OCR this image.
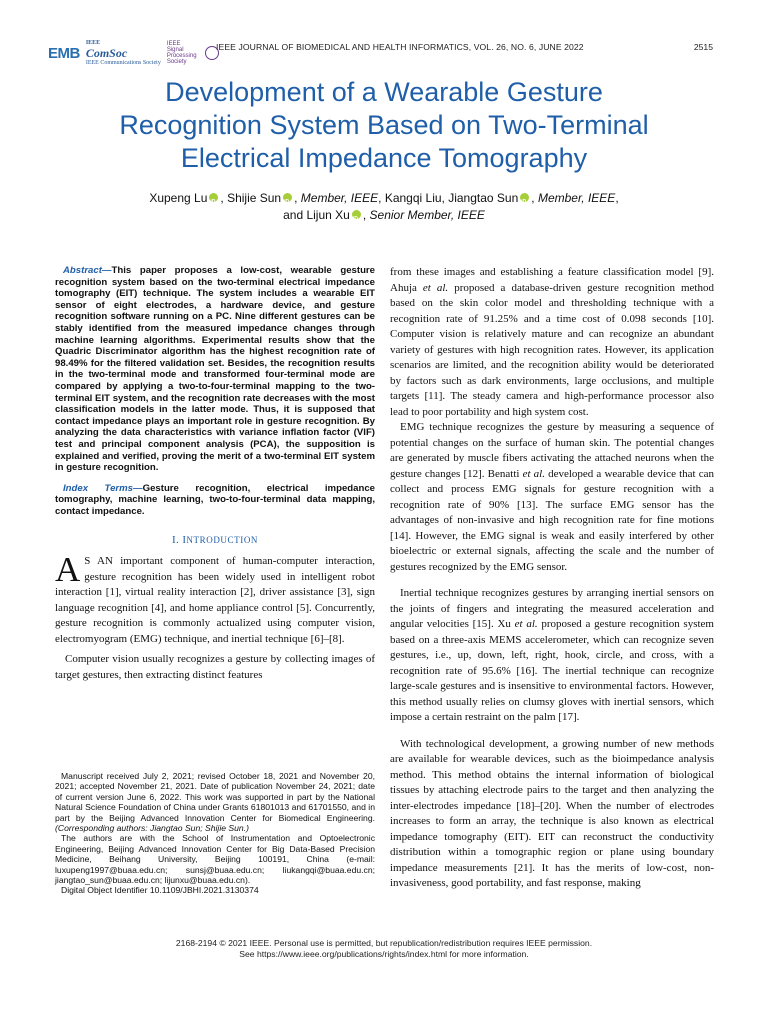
EMB
IEEE
ComSoc
IEEE Communications Society
IEEE
Signal
Processing
Society
IEEE JOURNAL OF BIOMEDICAL AND HEALTH INFORMATICS, VOL. 26, NO. 6, JUNE 2022	2515
Development of a Wearable Gesture
Recognition System Based on Two-Terminal
Electrical Impedance Tomography
Xupeng Lu iD , Shijie Sun iD , Member, IEEE, Kangqi Liu, Jiangtao Sun iD , Member, IEEE,
and Lijun Xu iD , Senior Member, IEEE
Abstract—This paper proposes a low-cost, wearable gesture recognition system based on the two-terminal electrical impedance tomography (EIT) technique. The system includes a wearable EIT sensor of eight electrodes, a hardware device, and gesture recognition software running on a PC. Nine different gestures can be stably identified from the measured impedance changes through machine learning algorithms. Experimental results show that the Quadric Discriminator algorithm has the highest recognition rate of 98.49% for the filtered validation set. Besides, the recognition results in the two-terminal mode and transformed four-terminal mode are compared by applying a two-to-four-terminal mapping to the two-terminal EIT system, and the recognition rate decreases with the most classification models in the latter mode. Thus, it is supposed that contact impedance plays an important role in gesture recognition. By analyzing the data characteristics with variance inflation factor (VIF) test and principal component analysis (PCA), the supposition is explained and verified, proving the merit of a two-terminal EIT system in gesture recognition.
Index Terms—Gesture recognition, electrical impedance tomography, machine learning, two-to-four-terminal data mapping, contact impedance.
I. INTRODUCTION

A S AN important component of human-computer interaction, gesture recognition has been widely used in intelligent robot interaction [1], virtual reality interaction [2], driver assistance [3], sign language recognition [4], and home appliance control [5]. Concurrently, gesture recognition is commonly actualized using computer vision, electromyogram (EMG) technique, and inertial technique [6]–[8].

Computer vision usually recognizes a gesture by collecting images of target gestures, then extracting distinct features

Manuscript received July 2, 2021; revised October 18, 2021 and November 20, 2021; accepted November 21, 2021. Date of publication November 24, 2021; date of current version June 6, 2022. This work was supported in part by the National Natural Science Foundation of China under Grants 61801013 and 61701550, and in part by the Beijing Advanced Innovation Center for Biomedical Engineering. (Corresponding authors: Jiangtao Sun; Shijie Sun.)

The authors are with the School of Instrumentation and Optoelectronic Engineering, Beijing Advanced Innovation Center for Big Data-Based Precision Medicine, Beihang University, Beijing 100191, China (e-mail: luxupeng1997@buaa.edu.cn; sunsj@buaa.edu.cn; liukangqi@buaa.edu.cn; jiangtao_sun@buaa.edu.cn; lijunxu@buaa.edu.cn).

Digital Object Identifier 10.1109/JBHI.2021.3130374

from these images and establishing a feature classification model [9]. Ahuja et al. proposed a database-driven gesture recognition method based on the skin color model and thresholding technique with a recognition rate of 91.25% and a time cost of 0.098 seconds [10]. Computer vision is relatively mature and can recognize an abundant variety of gestures with high recognition rates. However, its application scenarios are limited, and the recognition ability would be deteriorated by factors such as dark environments, large occlusions, and multiple targets [11]. The steady camera and high-performance processor also lead to poor portability and high system cost.

EMG technique recognizes the gesture by measuring a sequence of potential changes on the surface of human skin. The potential changes are generated by muscle fibers activating the attached neurons when the gesture changes [12]. Benatti et al. developed a wearable device that can collect and process EMG signals for gesture recognition with a recognition rate of 90% [13]. The surface EMG sensor has the advantages of non-invasive and high recognition rate for fine motions [14]. However, the EMG signal is weak and easily interfered by other bioelectric or external signals, affecting the scale and the number of gestures recognized by the EMG sensor.

Inertial technique recognizes gestures by arranging inertial sensors on the joints of fingers and integrating the measured acceleration and angular velocities [15]. Xu et al. proposed a gesture recognition system based on a three-axis MEMS accelerometer, which can recognize seven gestures, i.e., up, down, left, right, hook, circle, and cross, with a recognition rate of 95.6% [16]. The inertial technique can recognize large-scale gestures and is insensitive to environmental factors. However, this method usually relies on clumsy gloves with inertial sensors, which impose a certain restraint on the palm [17].

With technological development, a growing number of new methods are available for wearable devices, such as the bioimpedance analysis method. This method obtains the internal information of biological tissues by attaching electrode pairs to the target and then analyzing the inter-electrodes impedance [18]–[20]. When the number of electrodes increases to form an array, the technique is also known as electrical impedance tomography (EIT). EIT can reconstruct the conductivity distribution within a tomographic region or plane using boundary impedance measurements [21]. It has the merits of low-cost, non-invasiveness, good portability, and fast response, making

2168-2194 © 2021 IEEE. Personal use is permitted, but republication/redistribution requires IEEE permission.
See https://www.ieee.org/publications/rights/index.html for more information.
